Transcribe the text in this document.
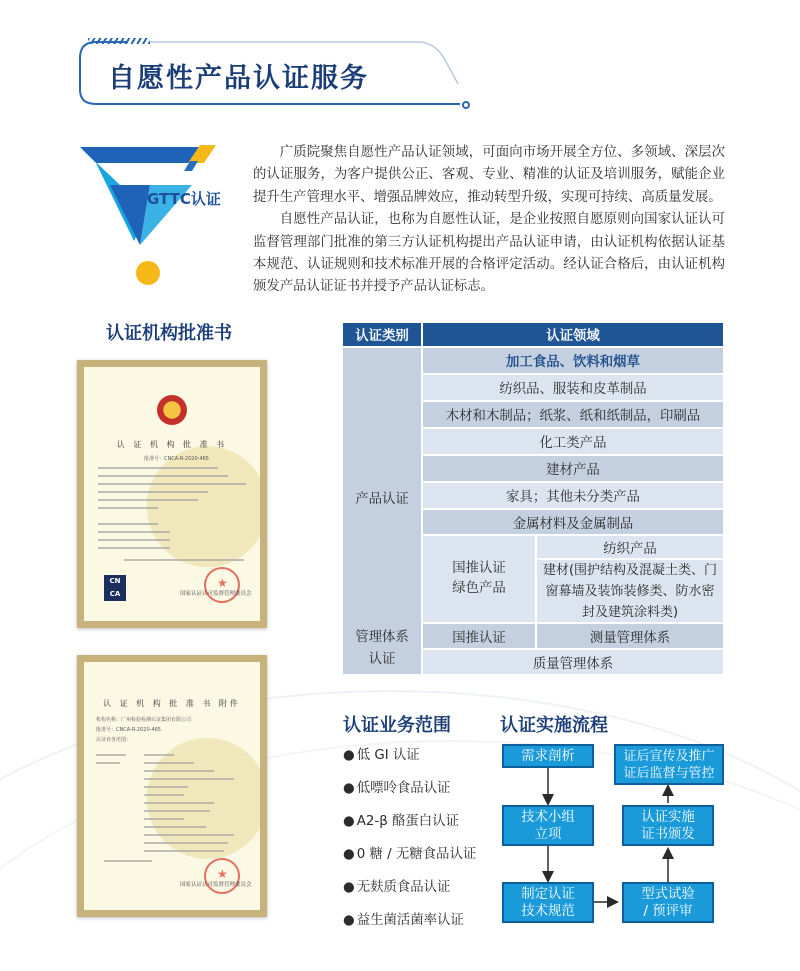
自愿性产品认证服务
GTTC认证

广质院聚焦自愿性产品认证领域，可面向市场开展全方位、多领域、深层次的认证服务，为客户提供公正、客观、专业、精准的认证及培训服务，赋能企业提升生产管理水平、增强品牌效应，推动转型升级，实现可持续、高质量发展。

自愿性产品认证，也称为自愿性认证，是企业按照自愿原则向国家认证认可监督管理部门批准的第三方认证机构提出产品认证申请，由认证机构依据认证基本规范、认证规则和技术标准开展的合格评定活动。经认证合格后，由认证机构颁发产品认证证书并授予产品认证标志。

认证机构批准书
认 证 机 构 批 准 书
批准号：CNCA-R-2020-465
CN CA
★	国家认证认可监督管理委员会
认 证 机 构 批 准 书 附件
机构名称：广州检验检测认证集团有限公司
批准号：CNCA-R-2020-465
认证业务范围：
★
国家认证认可监督管理委员会
认证类别	认证领域
产品认证
加工食品、饮料和烟草
纺织品、服装和皮革制品
木材和木制品；纸浆、纸和纸制品，印刷品
化工类产品
建材产品
家具；其他未分类产品
金属材料及金属制品
国推认证
绿色产品
纺织产品
建材(围护结构及混凝土类、门窗幕墙及装饰装修类、防水密封及建筑涂料类)
管理体系
认证
国推认证	测量管理体系
质量管理体系
认证业务范围
● 低 GI 认证
● 低嘌呤食品认证
● A2-β 酪蛋白认证
● 0 糖 / 无糖食品认证
● 无麸质食品认证
● 益生菌活菌率认证
认证实施流程
需求剖析
技术小组
立项
制定认证
技术规范
型式试验
/ 预评审
认证实施
证书颁发
证后宣传及推广
证后监督与管控
